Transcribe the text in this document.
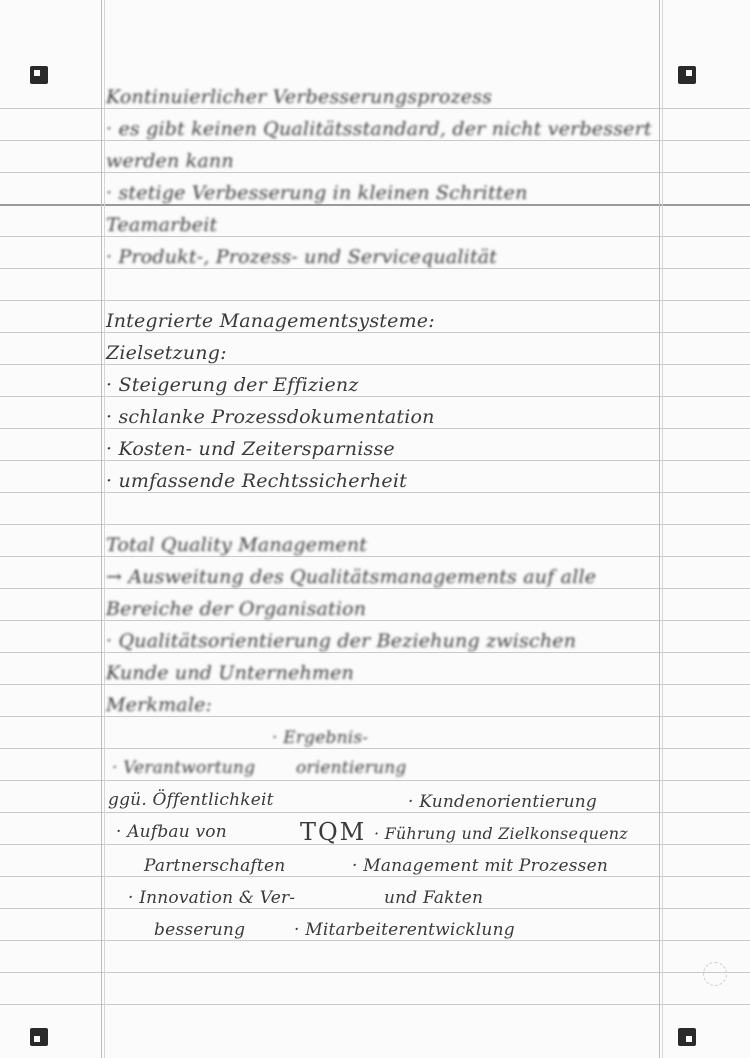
Kontinuierlicher Verbesserungsprozess
· es gibt keinen Qualitätsstandard, der nicht verbessert
werden kann
· stetige Verbesserung in kleinen Schritten
Teamarbeit
· Produkt-, Prozess- und Servicequalität
Integrierte Managementsysteme:
Zielsetzung:
· Steigerung der Effizienz
· schlanke Prozessdokumentation
· Kosten- und Zeitersparnisse
· umfassende Rechtssicherheit
Total Quality Management
→ Ausweitung des Qualitätsmanagements auf alle
Bereiche der Organisation
· Qualitätsorientierung der Beziehung zwischen
Kunde und Unternehmen
Merkmale:
· Ergebnis-
orientierung
· Verantwortung
ggü. Öffentlichkeit	· Kundenorientierung
· Aufbau von	TQM · Führung und Zielkonsequenz
Partnerschaften	· Management mit Prozessen
· Innovation & Ver-	und Fakten
besserung	· Mitarbeiterentwicklung
